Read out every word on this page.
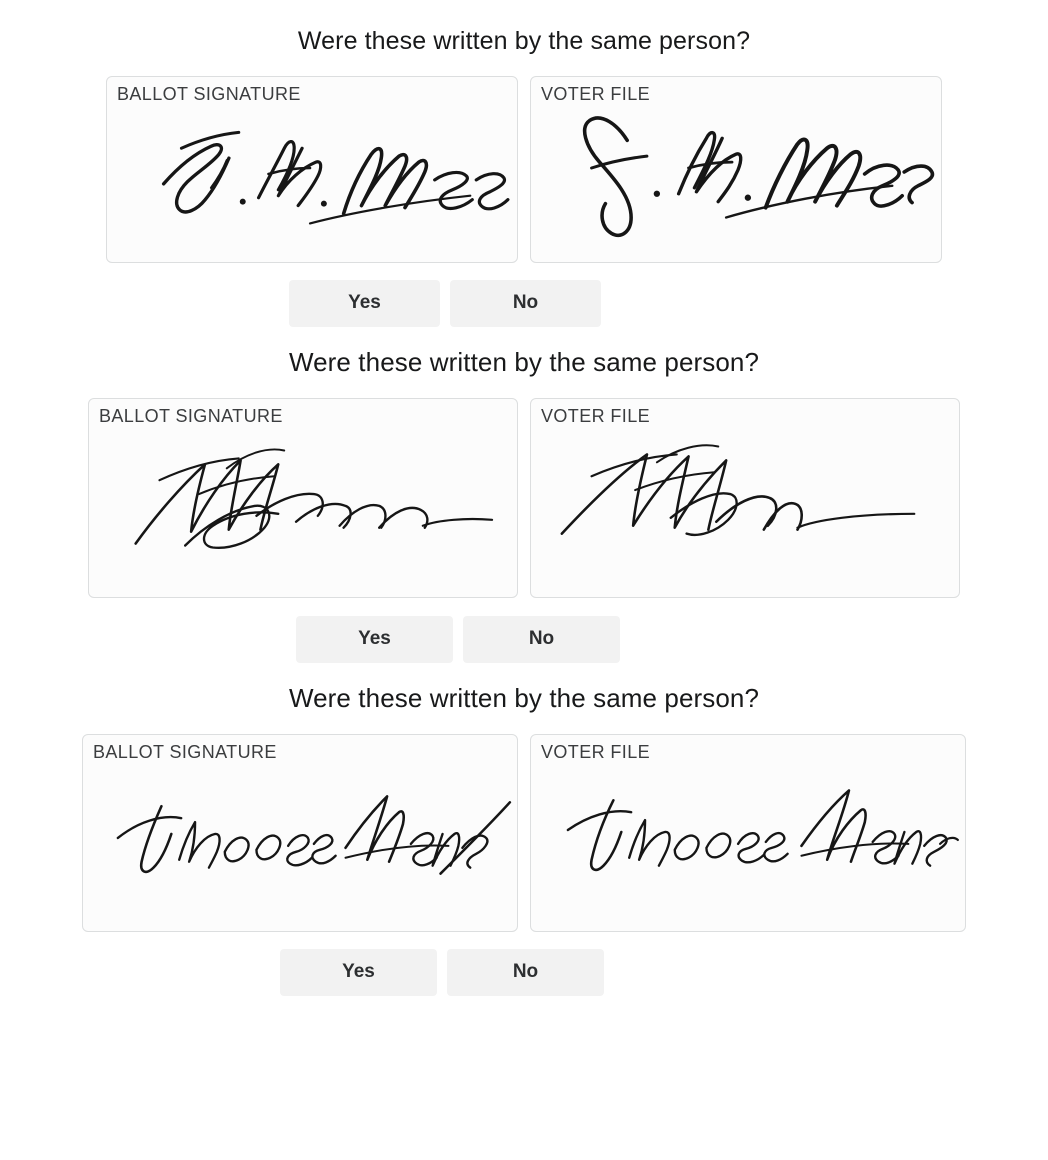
Were these written by the same person?
BALLOT SIGNATURE	VOTER FILE
Yes	No
Were these written by the same person?
BALLOT SIGNATURE	VOTER FILE
Yes	No
Were these written by the same person?
BALLOT SIGNATURE	VOTER FILE
Yes	No
